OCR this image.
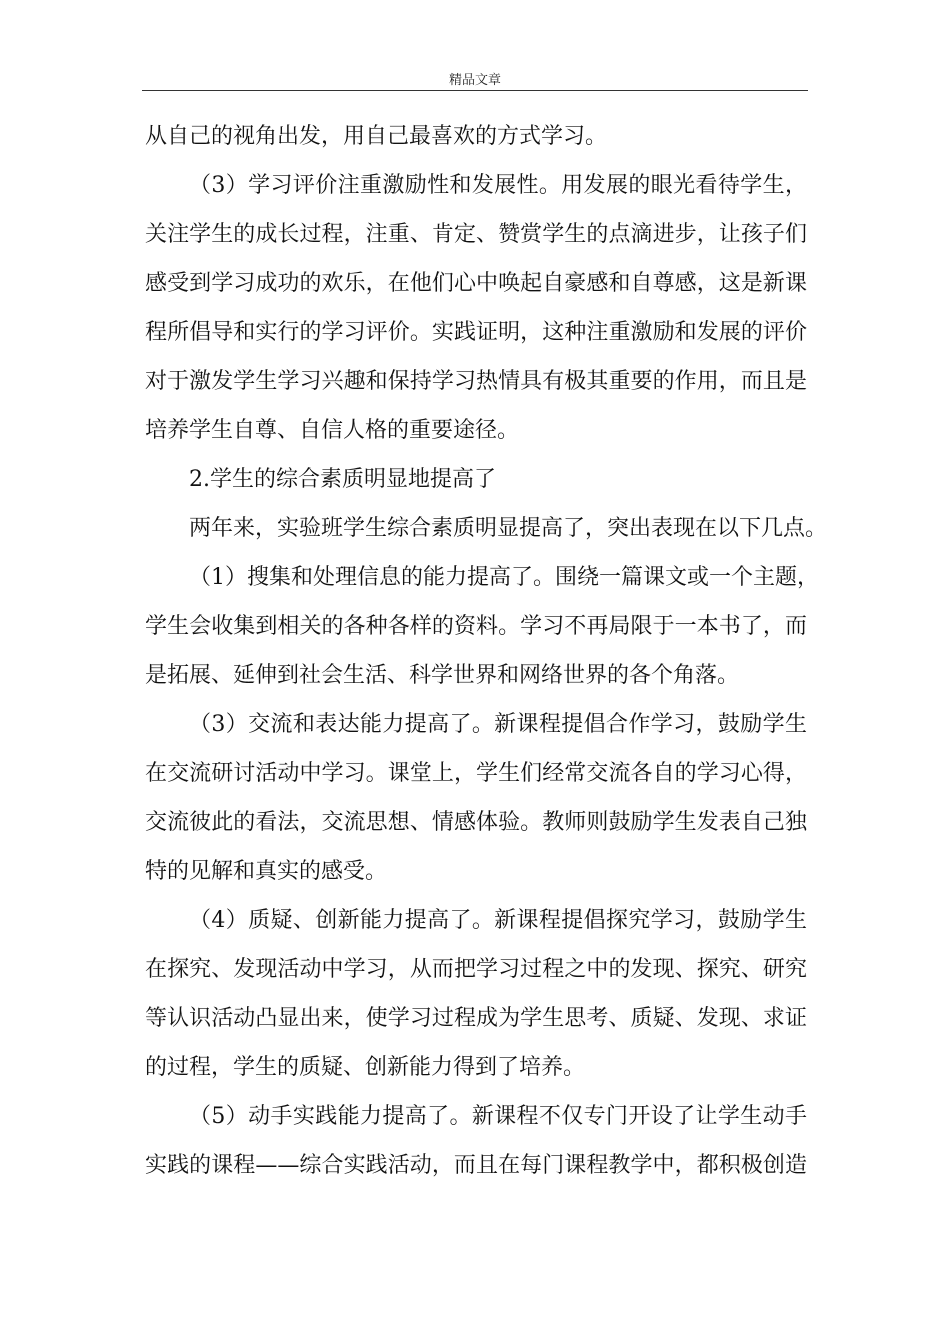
精品文章
从自己的视角出发，用自己最喜欢的方式学习。
（3）学习评价注重激励性和发展性。用发展的眼光看待学生，
关注学生的成长过程，注重、肯定、赞赏学生的点滴进步，让孩子们
感受到学习成功的欢乐，在他们心中唤起自豪感和自尊感，这是新课
程所倡导和实行的学习评价。实践证明，这种注重激励和发展的评价
对于激发学生学习兴趣和保持学习热情具有极其重要的作用，而且是
培养学生自尊、自信人格的重要途径。
2.学生的综合素质明显地提高了
两年来，实验班学生综合素质明显提高了，突出表现在以下几点。
（1）搜集和处理信息的能力提高了。围绕一篇课文或一个主题，
学生会收集到相关的各种各样的资料。学习不再局限于一本书了，而
是拓展、延伸到社会生活、科学世界和网络世界的各个角落。
（3）交流和表达能力提高了。新课程提倡合作学习，鼓励学生
在交流研讨活动中学习。课堂上，学生们经常交流各自的学习心得，
交流彼此的看法，交流思想、情感体验。教师则鼓励学生发表自己独
特的见解和真实的感受。
（4）质疑、创新能力提高了。新课程提倡探究学习，鼓励学生
在探究、发现活动中学习，从而把学习过程之中的发现、探究、研究
等认识活动凸显出来，使学习过程成为学生思考、质疑、发现、求证
的过程，学生的质疑、创新能力得到了培养。
（5）动手实践能力提高了。新课程不仅专门开设了让学生动手
实践的课程——综合实践活动，而且在每门课程教学中，都积极创造
